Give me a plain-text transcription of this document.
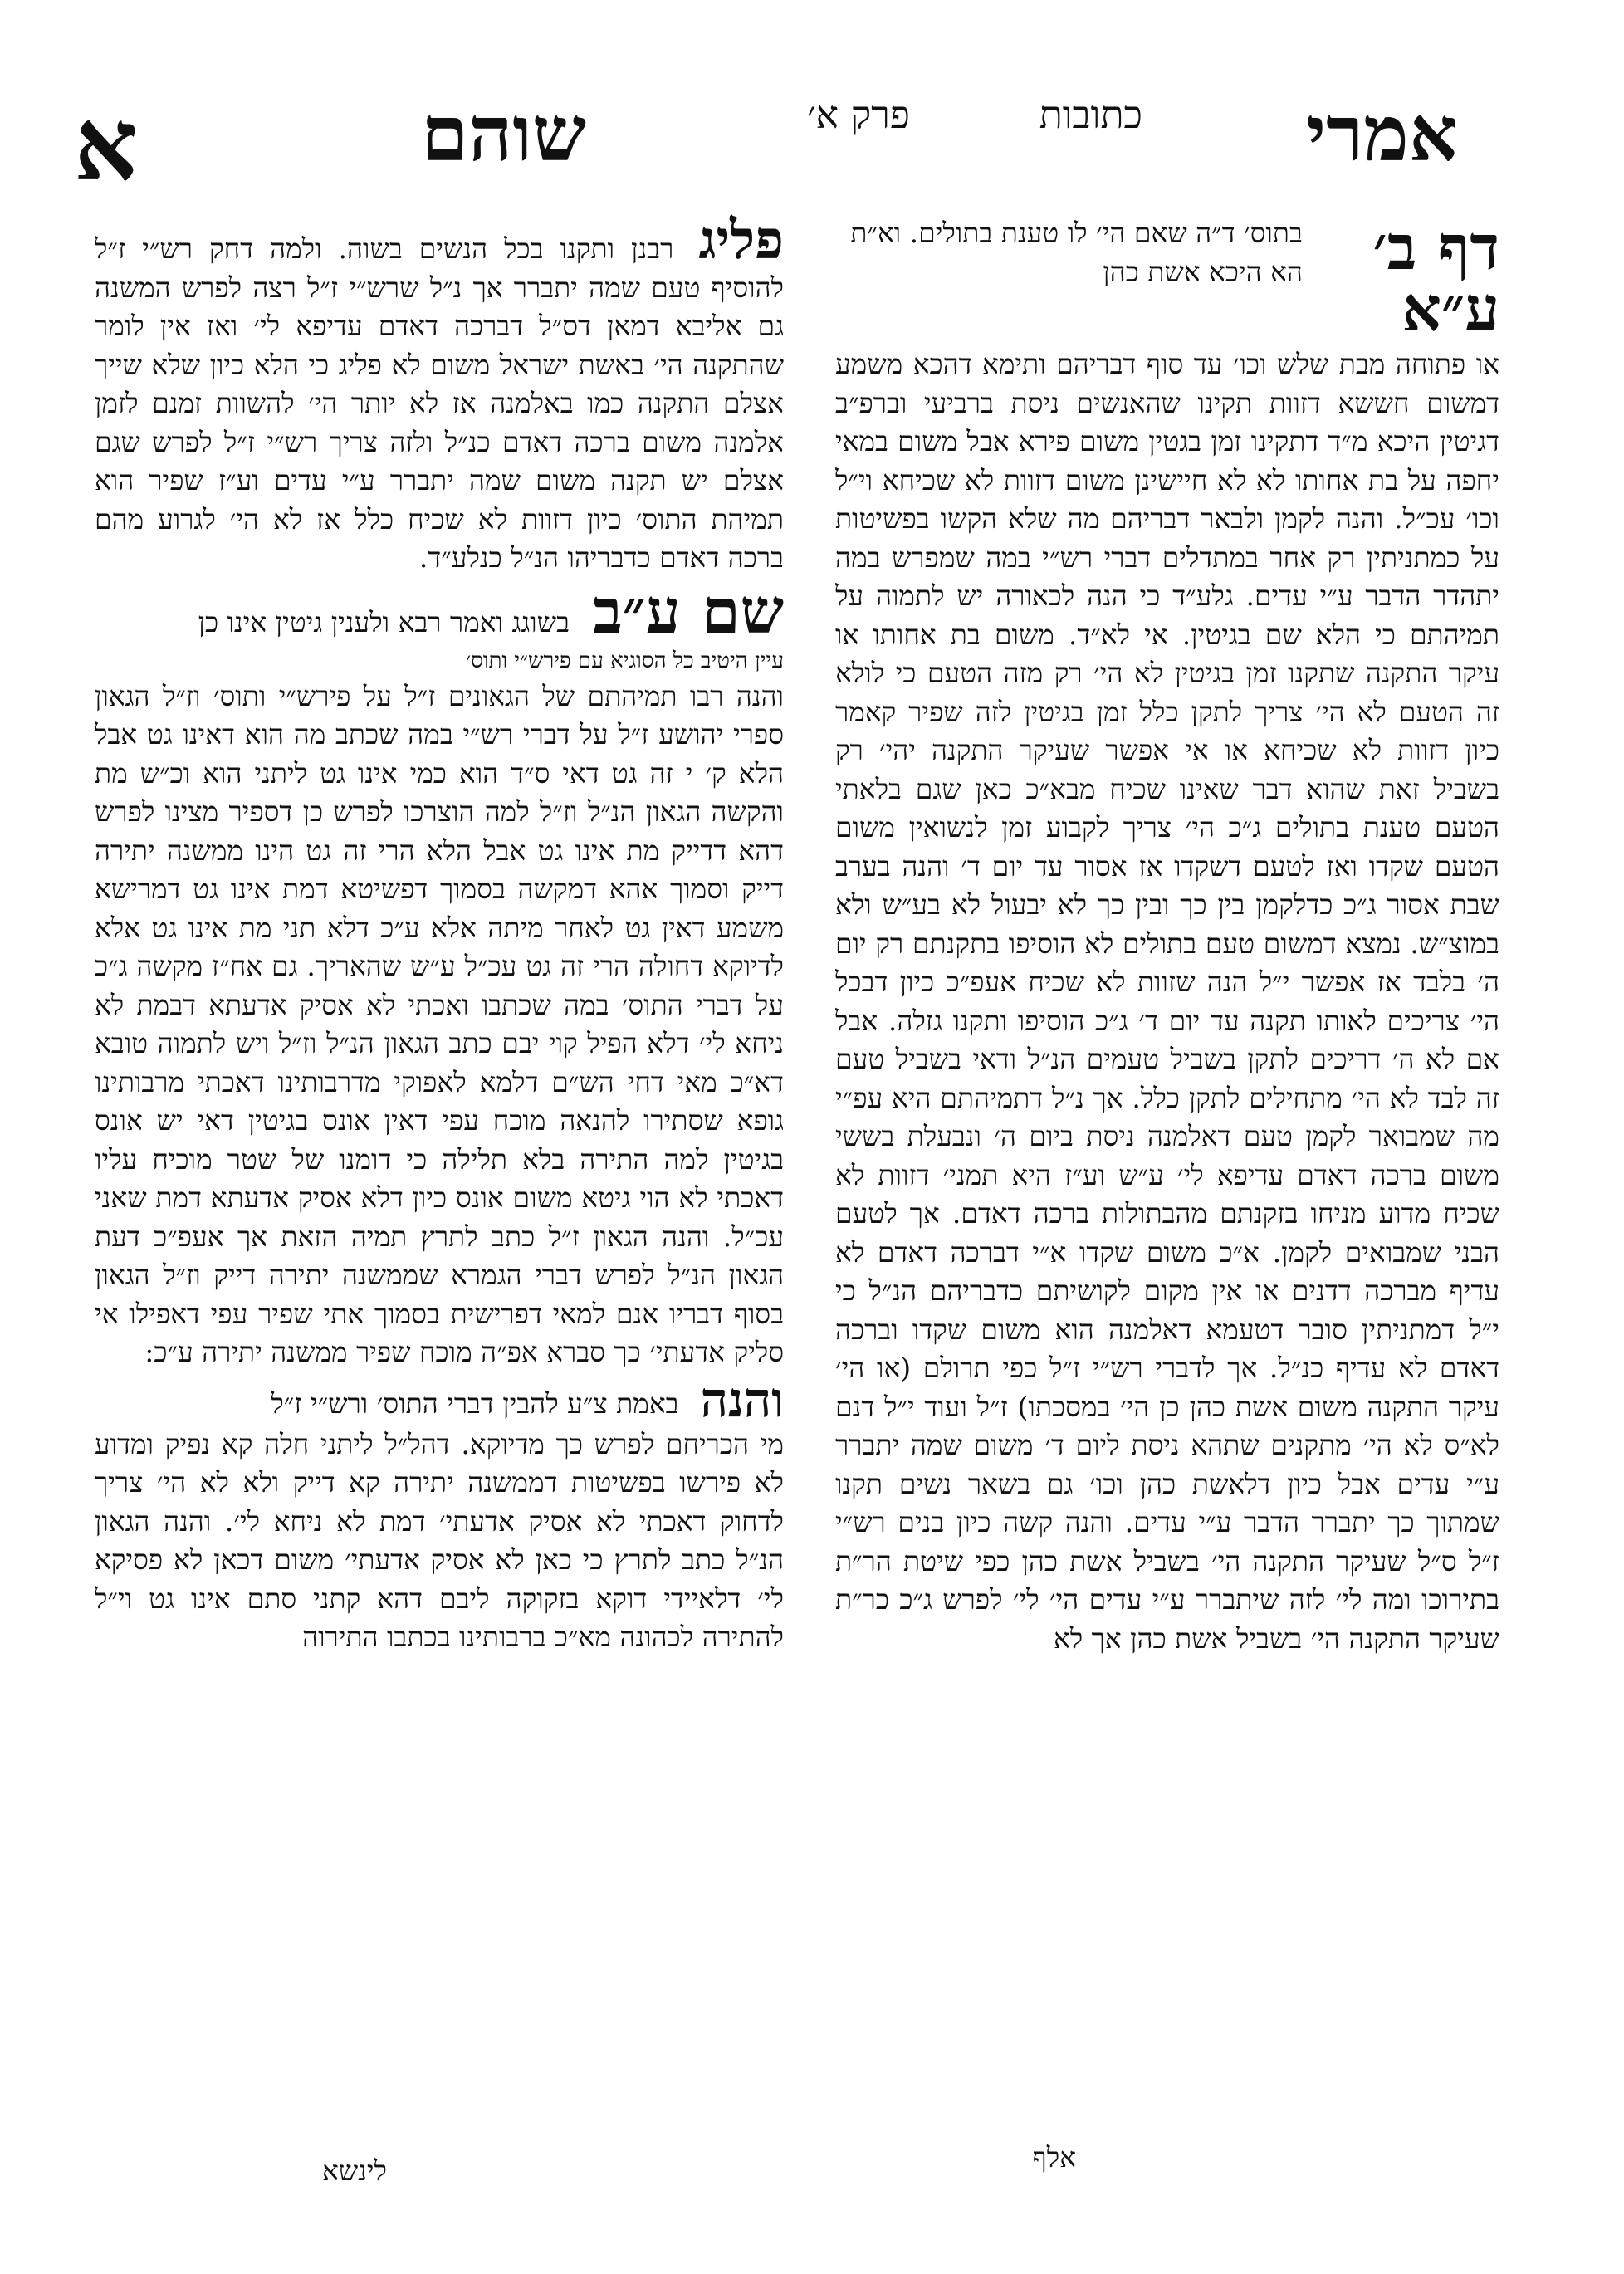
אמרי
כתובות
פרק א׳
שוהם
א
דף ב׳ ע״א
בתוס׳ ד״ה שאם הי׳ לו טענת בתולים. וא״ת הא היכא אשת כהן
או פתוחה מבת שלש וכו׳ עד סוף דבריהם ותימא דהכא משמע דמשום חששא דזוות תקינו שהאנשים ניסת ברביעי וברפ״ב דגיטין היכא מ״ד דתקינו זמן בגטין משום פירא אבל משום במאי יחפה על בת אחותו לא לא חיישינן משום דזוות לא שכיחא וי״ל וכו׳ עכ״ל. והנה לקמן ולבאר דבריהם מה שלא הקשו בפשיטות על כמתניתין רק אחר במתדלים דברי רש״י במה שמפרש במה יתהדר הדבר ע״י עדים. גלע״ד כי הנה לכאורה יש לתמוה על תמיהתם כי הלא שם בגיטין. אי לא״ד. משום בת אחותו או עיקר התקנה שתקנו זמן בגיטין לא הי׳ רק מזה הטעם כי לולא זה הטעם לא הי׳ צריך לתקן כלל זמן בגיטין לזה שפיר קאמר כיון דזוות לא שכיחא או אי אפשר שעיקר התקנה יהי׳ רק בשביל זאת שהוא דבר שאינו שכיח מבא״כ כאן שגם בלאתי הטעם טענת בתולים ג״כ הי׳ צריך לקבוע זמן לנשואין משום הטעם שקדו ואז לטעם דשקדו אז אסור עד יום ד׳ והנה בערב שבת אסור ג״כ כדלקמן בין כך ובין כך לא יבעול לא בע״ש ולא במוצ״ש. נמצא דמשום טעם בתולים לא הוסיפו בתקנתם רק יום ה׳ בלבד אז אפשר י״ל הנה שזוות לא שכיח אעפ״כ כיון דבכל הי׳ צריכים לאותו תקנה עד יום ד׳ ג״כ הוסיפו ותקנו גזלה. אבל אם לא ה׳ דריכים לתקן בשביל טעמים הנ״ל ודאי בשביל טעם זה לבד לא הי׳ מתחילים לתקן כלל. אך נ״ל דתמיהתם היא עפ״י מה שמבואר לקמן טעם דאלמנה ניסת ביום ה׳ ונבעלת בששי משום ברכה דאדם עדיפא לי׳ ע״ש וע״ז היא תמני׳ דזוות לא שכיח מדוע מניחו בזקנתם מהבתולות ברכה דאדם. אך לטעם הבני שמבואים לקמן. א״כ משום שקדו א״י דברכה דאדם לא עדיף מברכה דדנים או אין מקום לקושיתם כדבריהם הנ״ל כי י״ל דמתניתין סובר דטעמא דאלמנה הוא משום שקדו וברכה דאדם לא עדיף כנ״ל. אך לדברי רש״י ז״ל כפי תרולם (או הי׳ עיקר התקנה משום אשת כהן כן הי׳ במסכתו) ז״ל ועוד י״ל דנם לא״ס לא הי׳ מתקנים שתהא ניסת ליום ד׳ משום שמה יתברר ע״י עדים אבל כיון דלאשת כהן וכו׳ גם בשאר נשים תקנו שמתוך כך יתברר הדבר ע״י עדים. והנה קשה כיון בנים רש״י ז״ל ס״ל שעיקר התקנה הי׳ בשביל אשת כהן כפי שיטת הר״ת בתירוכו ומה לי׳ לזה שיתברר ע״י עדים הי׳ לי׳ לפרש ג״כ כר״ת שעיקר התקנה הי׳ בשביל אשת כהן אך לא
פליג רבנן ותקנו בכל הנשים בשוה. ולמה דחק רש״י ז״ל להוסיף טעם שמה יתברר אך נ״ל שרש״י ז״ל רצה לפרש המשנה גם אליבא דמאן דס״ל דברכה דאדם עדיפא לי׳ ואז אין לומר שהתקנה הי׳ באשת ישראל משום לא פליג כי הלא כיון שלא שייך אצלם התקנה כמו באלמנה אז לא יותר הי׳ להשוות זמנם לזמן אלמנה משום ברכה דאדם כנ״ל ולזה צריך רש״י ז״ל לפרש שגם אצלם יש תקנה משום שמה יתברר ע״י עדים וע״ז שפיר הוא תמיהת התוס׳ כיון דזוות לא שכיח כלל אז לא הי׳ לגרוע מהם ברכה דאדם כדבריהו הנ״ל כנלע״ד.
שם ע״ב
בשוגג ואמר רבא ולענין גיטין אינו כן
עיין היטיב כל הסוגיא עם פירש״י ותוס׳
והנה רבו תמיהתם של הגאונים ז״ל על פירש״י ותוס׳ וז״ל הגאון ספרי יהושע ז״ל על דברי רש״י במה שכתב מה הוא דאינו גט אבל הלא ק׳ י זה גט דאי ס״ד הוא כמי אינו גט ליתני הוא וכ״ש מת והקשה הגאון הנ״ל וז״ל למה הוצרכו לפרש כן דספיר מצינו לפרש דהא דדייק מת אינו גט אבל הלא הרי זה גט הינו ממשנה יתירה דייק וסמוך אהא דמקשה בסמוך דפשיטא דמת אינו גט דמרישא משמע דאין גט לאחר מיתה אלא ע״כ דלא תני מת אינו גט אלא לדיוקא דחולה הרי זה גט עכ״ל ע״ש שהאריך. גם אח״ז מקשה ג״כ על דברי התוס׳ במה שכתבו ואכתי לא אסיק אדעתא דבמת לא ניחא לי׳ דלא הפיל קוי יבם כתב הגאון הנ״ל וז״ל ויש לתמוה טובא דא״כ מאי דחי הש״ם דלמא לאפוקי מדרבותינו דאכתי מרבותינו גופא שסתירו להנאה מוכח עפי דאין אונס בגיטין דאי יש אונס בגיטין למה התירה בלא תלילה כי דומנו של שטר מוכיח עליו דאכתי לא הוי גיטא משום אונס כיון דלא אסיק אדעתא דמת שאני עכ״ל. והנה הגאון ז״ל כתב לתרץ תמיה הזאת אך אעפ״כ דעת הגאון הנ״ל לפרש דברי הגמרא שממשנה יתירה דייק וז״ל הגאון בסוף דבריו אנם למאי דפרישית בסמוך אתי שפיר עפי דאפילו אי סליק אדעתי׳ כך סברא אפ״ה מוכח שפיר ממשנה יתירה ע״כ:
והנה
באמת צ״ע להבין דברי התוס׳ ורש״י ז״ל
מי הכריחם לפרש כך מדיוקא. דהל״ל ליתני חלה קא נפיק ומדוע לא פירשו בפשיטות דממשנה יתירה קא דייק ולא לא הי׳ צריך לדחוק דאכתי לא אסיק אדעתי׳ דמת לא ניחא לי׳. והנה הגאון הנ״ל כתב לתרץ כי כאן לא אסיק אדעתי׳ משום דכאן לא פסיקא לי׳ דלאיידי דוקא בזקוקה ליבם דהא קתני סתם אינו גט וי״ל להתירה לכהונה מא״כ ברבותינו בכתבו התירוה
לינשא	אלף
